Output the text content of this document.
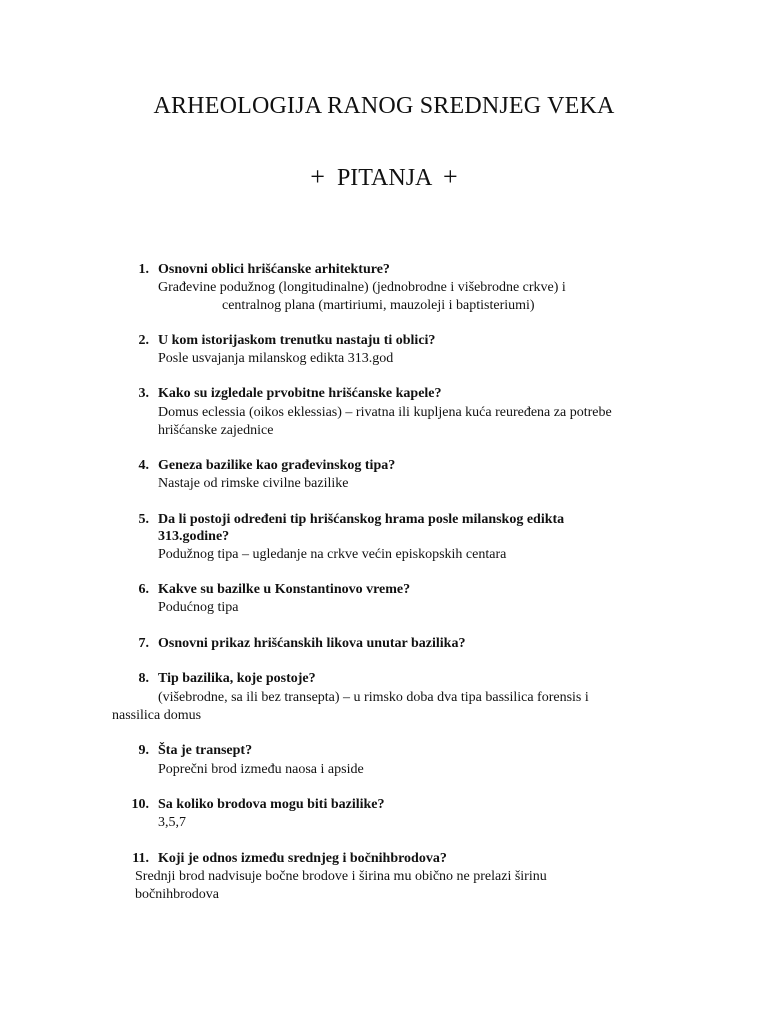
ARHEOLOGIJA RANOG SREDNJEG VEKA
+ PITANJA +
1. Osnovni oblici hrišćanske arhitekture?
Građevine podužnog (longitudinalne) (jednobrodne i višebrodne crkve) i
centralnog plana (martiriumi, mauzoleji i baptisteriumi)
2. U kom istorijaskom trenutku nastaju ti oblici?
Posle usvajanja milanskog edikta 313.god
3. Kako su izgledale prvobitne hrišćanske kapele?
Domus eclessia (oikos eklessias) – rivatna ili kupljena kuća reuređena za potrebe
hrišćanske zajednice
4. Geneza bazilike kao građevinskog tipa?
Nastaje od rimske civilne bazilike
5. Da li postoji određeni tip hrišćanskog hrama posle milanskog edikta
313.godine?
Podužnog tipa – ugledanje na crkve većin episkopskih centara
6. Kakve su bazilke u Konstantinovo vreme?
Podućnog tipa
7. Osnovni prikaz hrišćanskih likova unutar bazilika?
8. Tip bazilika, koje postoje?
(višebrodne, sa ili bez transepta) – u rimsko doba dva tipa bassilica forensis i
nassilica domus
9. Šta je transept?
Poprečni brod između naosa i apside
10. Sa koliko brodova mogu biti bazilike?
3,5,7
11. Koji je odnos između srednjeg i bočnihbrodova?
Srednji brod nadvisuje bočne brodove i širina mu obično ne prelazi širinu
bočnihbrodova
